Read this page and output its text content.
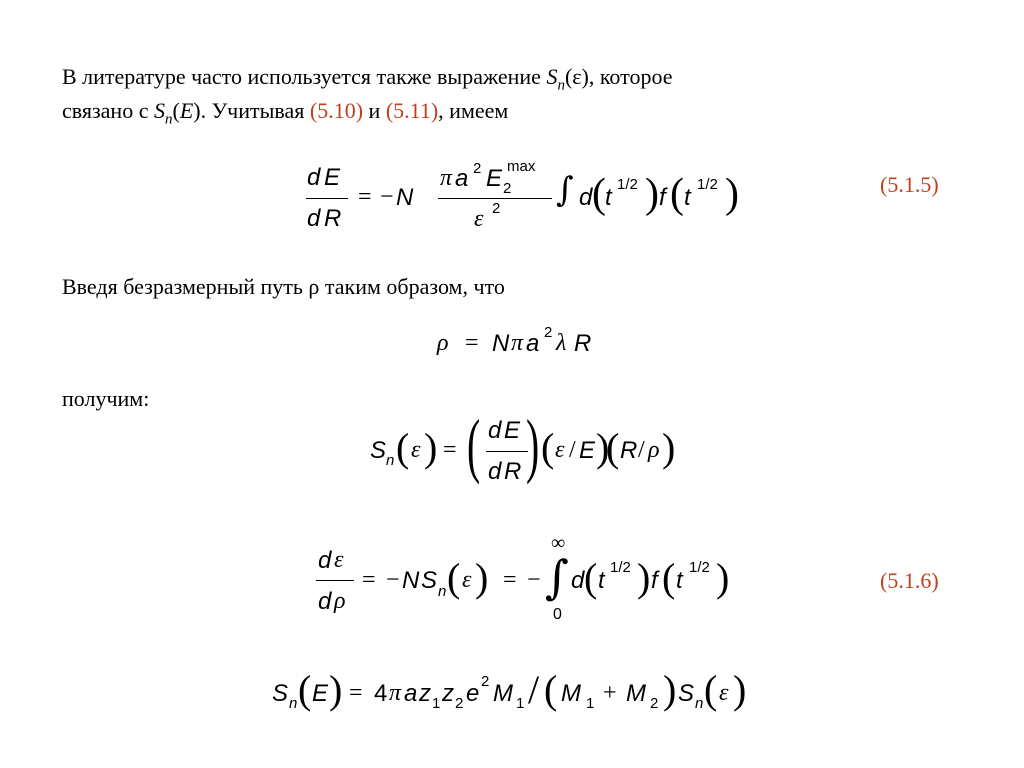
В литературе часто используется также выражение $S_n(\varepsilon)$, которое
связано с $S_n(E)$. Учитывая (5.10) и (5.11), имеем
d E
d R
= − N
π a 2 E 2
max
ε 2 ∫ d ( t 1/2 ) f ( t 1/2 )	(5.1.5)
Введя безразмерный путь ρ таким образом, что
ρ = N π a 2 λ R
получим:
S n ( ε ) = ( d E
d R ) ( ε / E )
( R / ρ )
d ε
d ρ
= − N S n ( ε ) = −
∞
∫
0
d ( t 1/2 ) f ( t 1/2 )	(5.1.6)
S n ( E ) = 4 π a z 1 z 2 e 2 M 1 / ( M 1 + M 2 ) S n ( ε )
